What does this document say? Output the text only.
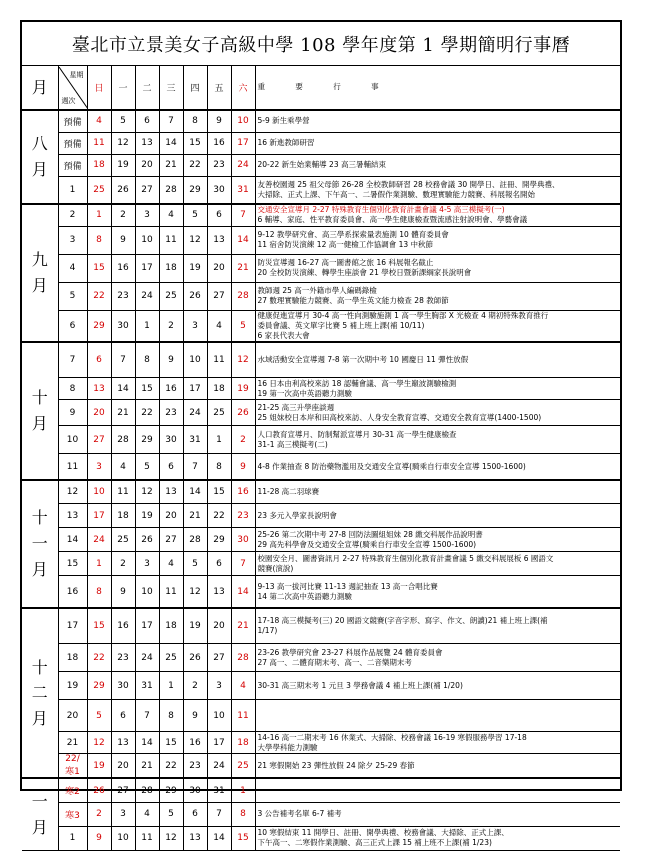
臺北市立景美女子高級中學 108 學年度第 1 學期簡明行事曆
月	星期
週次	日	一	二	三	四	五	六	重 要 行 事
八月	預備	4	5	6	7	8	9	10	5-9 新生乘學營

	預備	11	12	13	14	15	16	17	16 新進教師研習

	預備	18	19	20	21	22	23	24	20-22 新生始業輔導 23 高三暑輔結束

	1	25	26	27	28	29	30	31	友善校園週 25 祖父母節 26-28 全校教師研習 28 校務會議 30 開學日、註冊、開學典禮、
大掃除、正式上課、下午高一、二暑假作業測驗、數理實驗能力競賽、科展報名開始

九月	2	1	2	3	4	5	6	7	交通安全宣導月 2-27 特殊教育生個別化教育計畫會議 4-5 高三模擬考(一)
6 輔導、家庭、性平教育委員會、高一學生健康檢查暨流感注射說明會、學藝會議

	3	8	9	10	11	12	13	14	9-12 教學研究會、高三學系探索量表施測 10 體育委員會
11 宿舍防災演練 12 高一健檢工作協調會 13 中秋節

	4	15	16	17	18	19	20	21	防災宣導週 16-27 高一圖書館之旅 16 科展報名截止
20 全校防災演練、轉學生座談會 21 學校日暨新課綱家長說明會

	5	22	23	24	25	26	27	28	教師週 25 高一外籍市學人編碼錄檢
27 數理實驗能力競賽、高一學生英文能力檢查 28 教師節

	6	29	30	1	2	3	4	5	健康促進宣導月 30-4 高一性向測驗施測 1 高一學生胸部 X 光檢查 4 期初特殊教育推行
委員會議、英文單字比賽 5 補上班上課(補 10/11)
6 家長代表大會

十月	7	6	7	8	9	10	11	12	水域活動安全宣導週 7-8 第一次期中考 10 國慶日 11 彈性放假

	8	13	14	15	16	17	18	19	16 日本由利高校來訪 18 認輔會議、高一學生巔波測驗檢測
19 第一次高中英語聽力測驗

	9	20	21	22	23	24	25	26	21-25 高三升學座談週
25 姐妹校日本岸和田高校來訪、人身安全教育宣導、交通安全教育宣導(1400-1500)

	10	27	28	29	30	31	1	2	人口教育宣導月、防制幫派宣導月 30-31 高一學生健康檢查
31-1 高三模擬考(二)

	11	3	4	5	6	7	8	9	4-8 作業抽查 8 防治藥物濫用及交通安全宣導(騎乘自行車安全宣導 1500-1600)

十一月	12	10	11	12	13	14	15	16	11-28 高二羽球賽

	13	17	18	19	20	21	22	23	23 多元入學家長說明會

	14	24	25	26	27	28	29	30	25-26 第二次期中考 27-8 回防法圖組姐妹 28 繳交科展作品說明書
29 高先科學會及交通安全宣導(騎乘自行車安全宣導 1500-1600)

	15	1	2	3	4	5	6	7	校園安全月、圖書資訊月 2-27 特殊教育生個別化教育計畫會議 5 繳交科展展板 6 國語文
競賽(演說)

	16	8	9	10	11	12	13	14	9-13 高一拔河比賽 11-13 週記抽查 13 高一合唱比賽
14 第二次高中英語聽力測驗

十二月	17	15	16	17	18	19	20	21	17-18 高三模擬考(三) 20 國語文競賽(字音字形、寫字、作文、朗讀)21 補上班上課(補
1/17)

	18	22	23	24	25	26	27	28	23-26 教學研究會 23-27 科展作品展覽 24 體育委員會
27 高一、二體育期末考、高一、二音樂期末考

	19	29	30	31	1	2	3	4	30-31 高三期末考 1 元旦 3 學務會議 4 補上班上課(補 1/20)

	20	5	6	7	8	9	10	11	

	21	12	13	14	15	16	17	18	14-16 高一二期末考 16 休業式、大掃除、校務會議 16-19 寒假服務學習 17-18
大學學科能力測驗

	22/
寒1	19	20	21	22	23	24	25	21 寒假開始 23 彈性放假 24 除夕 25-29 春節

一月	寒2	26	27	28	29	30	31	1	

	寒3	2	3	4	5	6	7	8	3 公告補考名單 6-7 補考

	1	9	10	11	12	13	14	15	10 寒假結束 11 開學日、註冊、開學典禮、校務會議、大掃除、正式上課、
下午高一、二寒假作業測驗、高三正式上課 15 補上班不上課(補 1/23)
